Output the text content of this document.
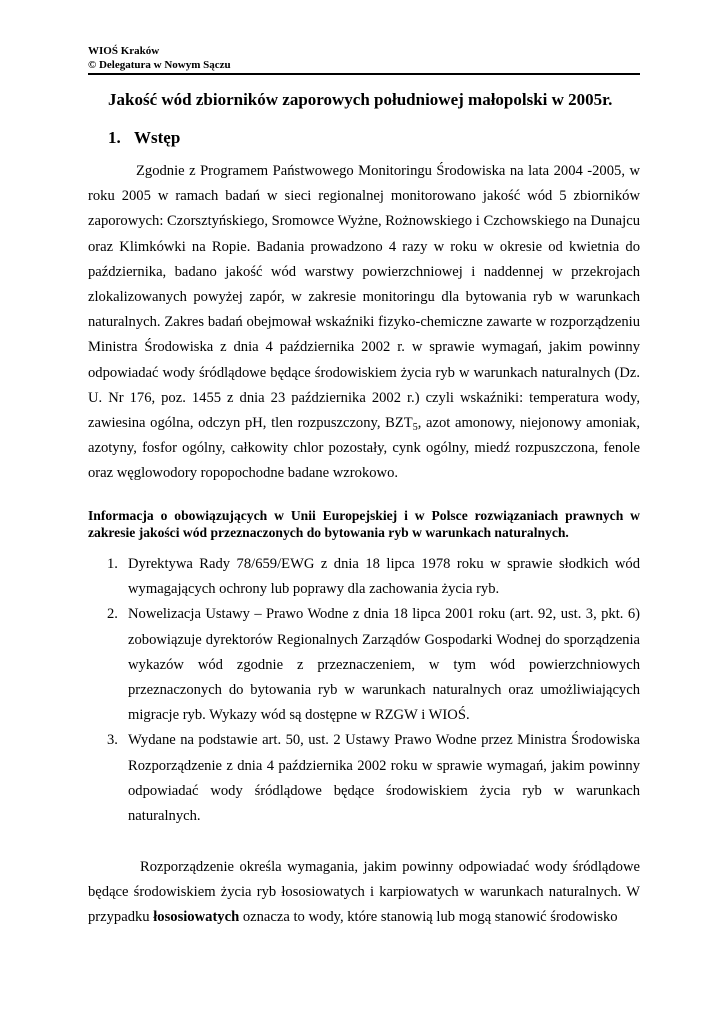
WIOŚ Kraków
© Delegatura w Nowym Sączu
Jakość wód zbiorników zaporowych południowej małopolski w 2005r.
1. Wstęp

Zgodnie z Programem Państwowego Monitoringu Środowiska na lata 2004 -2005, w roku 2005 w ramach badań w sieci regionalnej monitorowano jakość wód 5 zbiorników zaporowych: Czorsztyńskiego, Sromowce Wyżne, Rożnowskiego i Czchowskiego na Dunajcu oraz Klimkówki na Ropie. Badania prowadzono 4 razy w roku w okresie od kwietnia do października, badano jakość wód warstwy powierzchniowej i naddennej w przekrojach zlokalizowanych powyżej zapór, w zakresie monitoringu dla bytowania ryb w warunkach naturalnych. Zakres badań obejmował wskaźniki fizyko-chemiczne zawarte w rozporządzeniu Ministra Środowiska z dnia 4 października 2002 r. w sprawie wymagań, jakim powinny odpowiadać wody śródlądowe będące środowiskiem życia ryb w warunkach naturalnych (Dz. U. Nr 176, poz. 1455 z dnia 23 października 2002 r.) czyli wskaźniki: temperatura wody, zawiesina ogólna, odczyn pH, tlen rozpuszczony, $BZT_5$, azot amonowy, niejonowy amoniak, azotyny, fosfor ogólny, całkowity chlor pozostały, cynk ogólny, miedź rozpuszczona, fenole oraz węglowodory ropopochodne badane wzrokowo.

Informacja o obowiązujących w Unii Europejskiej i w Polsce rozwiązaniach prawnych w zakresie jakości wód przeznaczonych do bytowania ryb w warunkach naturalnych.

1. Dyrektywa Rady 78/659/EWG z dnia 18 lipca 1978 roku w sprawie słodkich wód wymagających ochrony lub poprawy dla zachowania życia ryb.
2. Nowelizacja Ustawy – Prawo Wodne z dnia 18 lipca 2001 roku (art. 92, ust. 3, pkt. 6) zobowiązuje dyrektorów Regionalnych Zarządów Gospodarki Wodnej do sporządzenia wykazów wód zgodnie z przeznaczeniem, w tym wód powierzchniowych przeznaczonych do bytowania ryb w warunkach naturalnych oraz umożliwiających migracje ryb. Wykazy wód są dostępne w RZGW i WIOŚ.
3. Wydane na podstawie art. 50, ust. 2 Ustawy Prawo Wodne przez Ministra Środowiska Rozporządzenie z dnia 4 października 2002 roku w sprawie wymagań, jakim powinny odpowiadać wody śródlądowe będące środowiskiem życia ryb w warunkach naturalnych.

Rozporządzenie określa wymagania, jakim powinny odpowiadać wody śródlądowe będące środowiskiem życia ryb łososiowatych i karpiowatych w warunkach naturalnych. W przypadku łososiowatych oznacza to wody, które stanowią lub mogą stanowić środowisko
